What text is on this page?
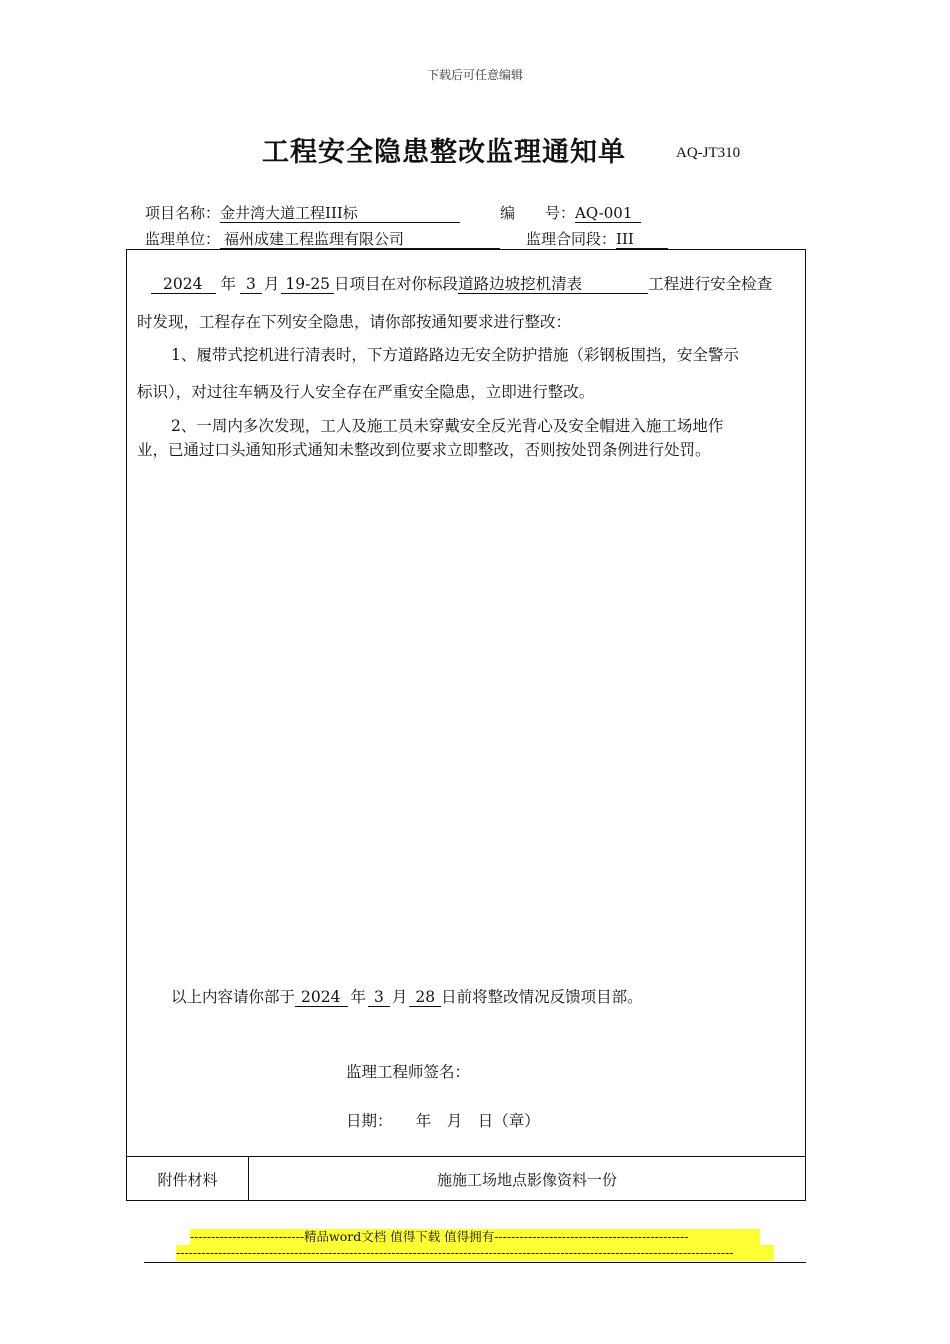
下载后可任意编辑
工程安全隐患整改监理通知单	AQ-JT310
项目名称：金井湾大道工程III标	编　　号：AQ-001
监理单位： 福州成建工程监理有限公司	监理合同段：III
2024 年 3 月 19-25 日项目在对你标段道路边坡挖机清表	工程进行安全检查
时发现，工程存在下列安全隐患，请你部按通知要求进行整改：
1、履带式挖机进行清表时，下方道路路边无安全防护措施（彩钢板围挡，安全警示
标识），对过往车辆及行人安全存在严重安全隐患，立即进行整改。
2、一周内多次发现，工人及施工员未穿戴安全反光背心及安全帽进入施工场地作
业，已通过口头通知形式通知未整改到位要求立即整改，否则按处罚条例进行处罚。
以上内容请你部于 2024 年 3 月 28 日前将整改情况反馈项目部。
监理工程师签名：
日期：　　年　月　日（章）
附件材料	施施工场地点影像资料一份
---------------------------精品word文档 值得下载 值得拥有----------------------------------------------
------------------------------------------------------------------------------------------------------------------------------------
